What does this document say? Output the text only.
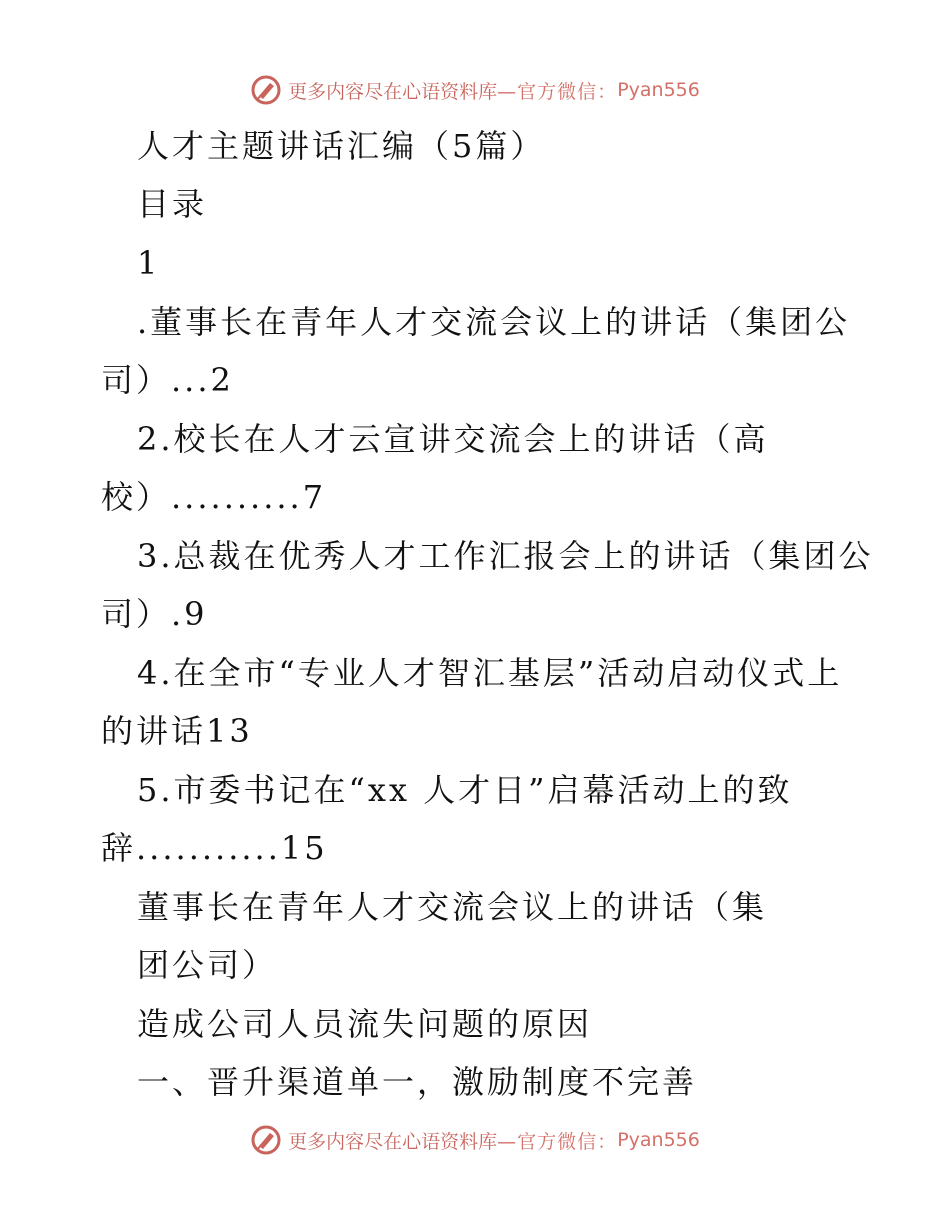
更多内容尽在心语资料库 —官方微信： Pyan556
人才主题讲话汇编（5篇）
目录
1
.董事长在青年人才交流会议上的讲话（集团公
司）...2
2.校长在人才云宣讲交流会上的讲话（高
校）..........7
3.总裁在优秀人才工作汇报会上的讲话（集团公
司）.9
4.在全市“专业人才智汇基层”活动启动仪式上
的讲话13
5.市委书记在“xx 人才日”启幕活动上的致
辞...........15
董事长在青年人才交流会议上的讲话（集
团公司）
造成公司人员流失问题的原因
一、晋升渠道单一，激励制度不完善
更多内容尽在心语资料库 —官方微信： Pyan556
